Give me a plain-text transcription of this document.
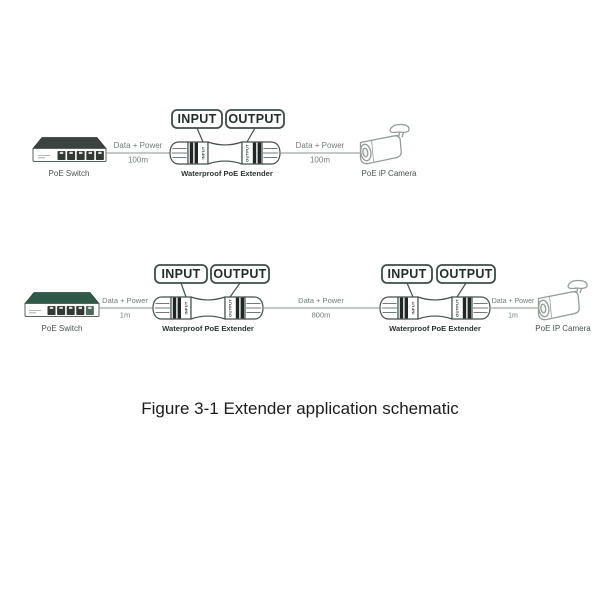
PoE Switch
Data + Power
100m
INPUT OUTPUT
INPUT	OUTPUT
Waterproof PoE Extender
Data + Power
100m
PoE iP Camera
PoE Switch
Data + Power
1m
INPUT OUTPUT
INPUT	OUTPUT
Waterproof PoE Extender
Data + Power
800m
INPUT OUTPUT
INPUT	OUTPUT
Waterproof PoE Extender
Data + Power
1m
PoE IP Camera
Figure 3-1 Extender application schematic
